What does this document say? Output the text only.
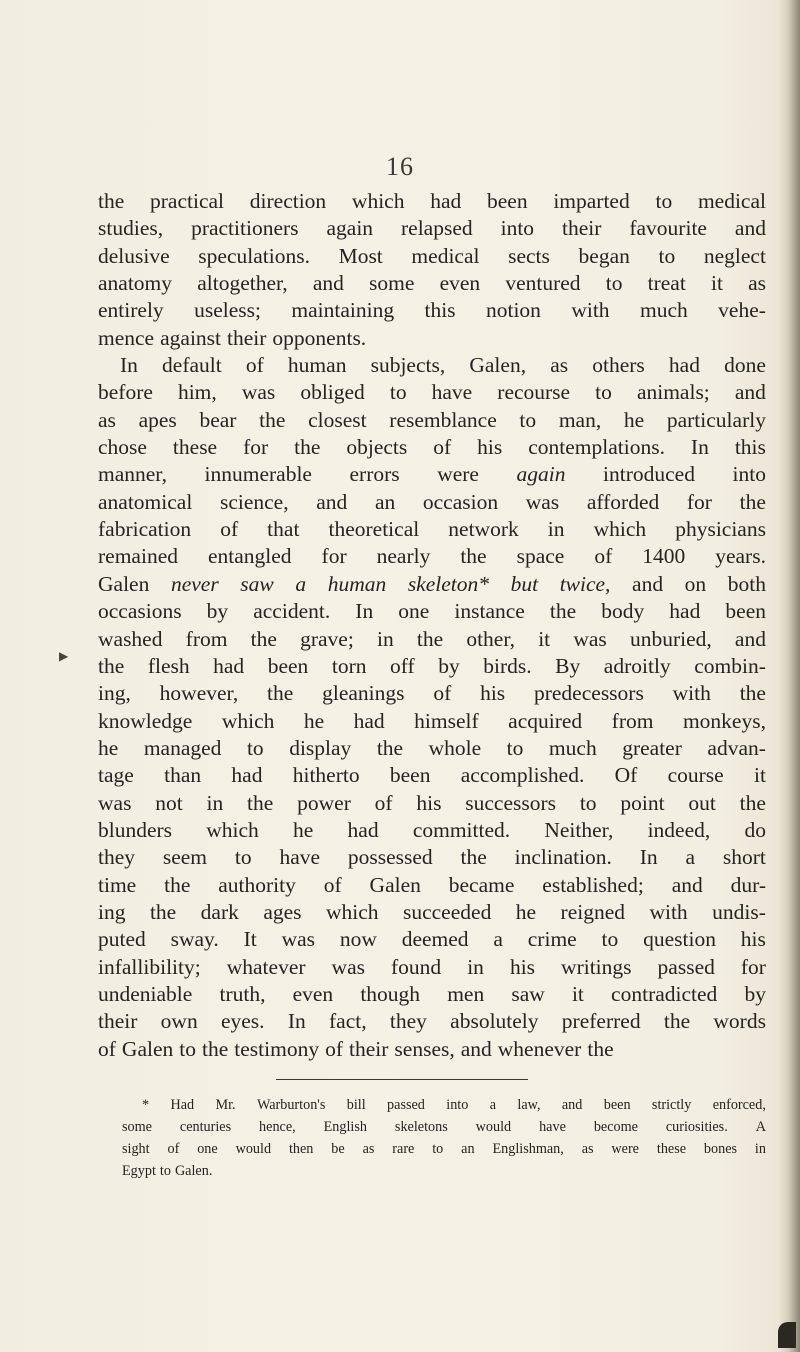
16
▶
the practical direction which had been imparted to medical
studies, practitioners again relapsed into their favourite and
delusive speculations. Most medical sects began to neglect
anatomy altogether, and some even ventured to treat it as
entirely useless; maintaining this notion with much vehe-
mence against their opponents.
In default of human subjects, Galen, as others had done
before him, was obliged to have recourse to animals; and
as apes bear the closest resemblance to man, he particularly
chose these for the objects of his contemplations. In this
manner, innumerable errors were again introduced into
anatomical science, and an occasion was afforded for the
fabrication of that theoretical network in which physicians
remained entangled for nearly the space of 1400 years.
Galen never saw a human skeleton* but twice, and on both
occasions by accident. In one instance the body had been
washed from the grave; in the other, it was unburied, and
the flesh had been torn off by birds. By adroitly combin-
ing, however, the gleanings of his predecessors with the
knowledge which he had himself acquired from monkeys,
he managed to display the whole to much greater advan-
tage than had hitherto been accomplished. Of course it
was not in the power of his successors to point out the
blunders which he had committed. Neither, indeed, do
they seem to have possessed the inclination. In a short
time the authority of Galen became established; and dur-
ing the dark ages which succeeded he reigned with undis-
puted sway. It was now deemed a crime to question his
infallibility; whatever was found in his writings passed for
undeniable truth, even though men saw it contradicted by
their own eyes. In fact, they absolutely preferred the words
of Galen to the testimony of their senses, and whenever the
* Had Mr. Warburton's bill passed into a law, and been strictly enforced,
some centuries hence, English skeletons would have become curiosities. A
sight of one would then be as rare to an Englishman, as were these bones in
Egypt to Galen.
